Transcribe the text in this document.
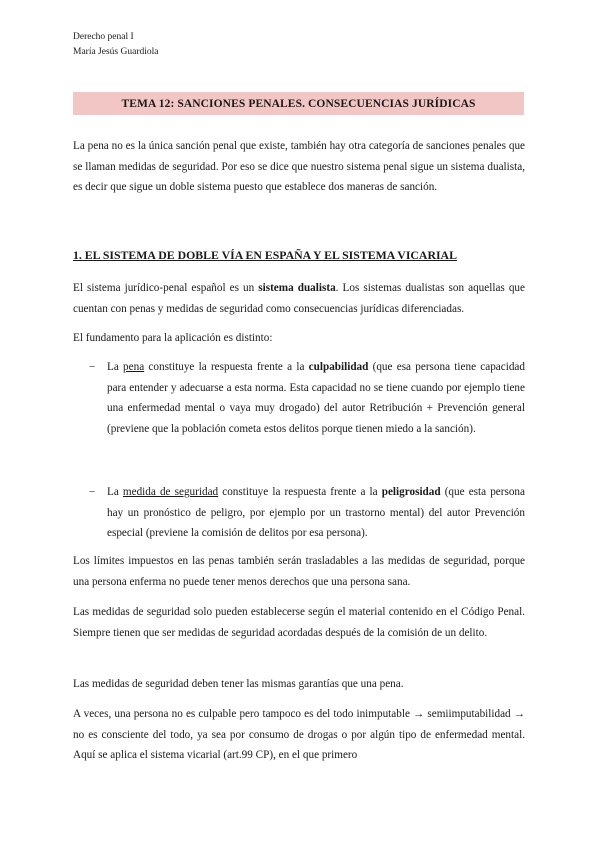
Derecho penal I
María Jesús Guardiola
TEMA 12: SANCIONES PENALES. CONSECUENCIAS JURÍDICAS

La pena no es la única sanción penal que existe, también hay otra categoría de sanciones penales que se llaman medidas de seguridad. Por eso se dice que nuestro sistema penal sigue un sistema dualista, es decir que sigue un doble sistema puesto que establece dos maneras de sanción.

1. EL SISTEMA DE DOBLE VÍA EN ESPAÑA Y EL SISTEMA VICARIAL

El sistema jurídico-penal español es un sistema dualista. Los sistemas dualistas son aquellas que cuentan con penas y medidas de seguridad como consecuencias jurídicas diferenciadas.

El fundamento para la aplicación es distinto:

− La pena constituye la respuesta frente a la culpabilidad (que esa persona tiene capacidad para entender y adecuarse a esta norma. Esta capacidad no se tiene cuando por ejemplo tiene una enfermedad mental o vaya muy drogado) del autor Retribución + Prevención general (previene que la población cometa estos delitos porque tienen miedo a la sanción).

− La medida de seguridad constituye la respuesta frente a la peligrosidad (que esta persona hay un pronóstico de peligro, por ejemplo por un trastorno mental) del autor Prevención especial (previene la comisión de delitos por esa persona).

Los límites impuestos en las penas también serán trasladables a las medidas de seguridad, porque una persona enferma no puede tener menos derechos que una persona sana.

Las medidas de seguridad solo pueden establecerse según el material contenido en el Código Penal. Siempre tienen que ser medidas de seguridad acordadas después de la comisión de un delito.

Las medidas de seguridad deben tener las mismas garantías que una pena.

A veces, una persona no es culpable pero tampoco es del todo inimputable → semiimputabilidad → no es consciente del todo, ya sea por consumo de drogas o por algún tipo de enfermedad mental. Aquí se aplica el sistema vicarial (art.99 CP), en el que primero
